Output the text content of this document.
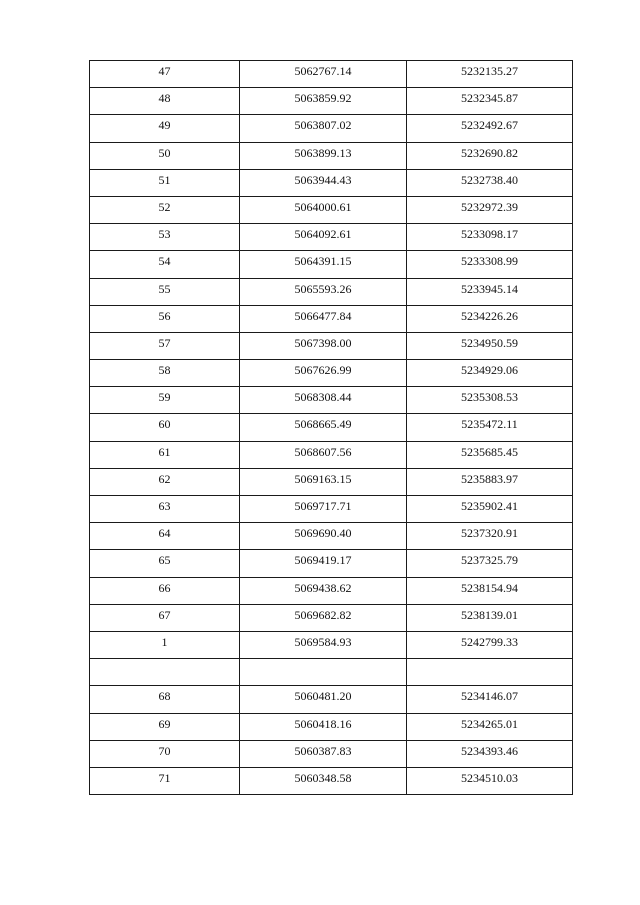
47	5062767.14	5232135.27
48	5063859.92	5232345.87
49	5063807.02	5232492.67
50	5063899.13	5232690.82
51	5063944.43	5232738.40
52	5064000.61	5232972.39
53	5064092.61	5233098.17
54	5064391.15	5233308.99
55	5065593.26	5233945.14
56	5066477.84	5234226.26
57	5067398.00	5234950.59
58	5067626.99	5234929.06
59	5068308.44	5235308.53
60	5068665.49	5235472.11
61	5068607.56	5235685.45
62	5069163.15	5235883.97
63	5069717.71	5235902.41
64	5069690.40	5237320.91
65	5069419.17	5237325.79
66	5069438.62	5238154.94
67	5069682.82	5238139.01
1	5069584.93	5242799.33

68	5060481.20	5234146.07
69	5060418.16	5234265.01
70	5060387.83	5234393.46
71	5060348.58	5234510.03
